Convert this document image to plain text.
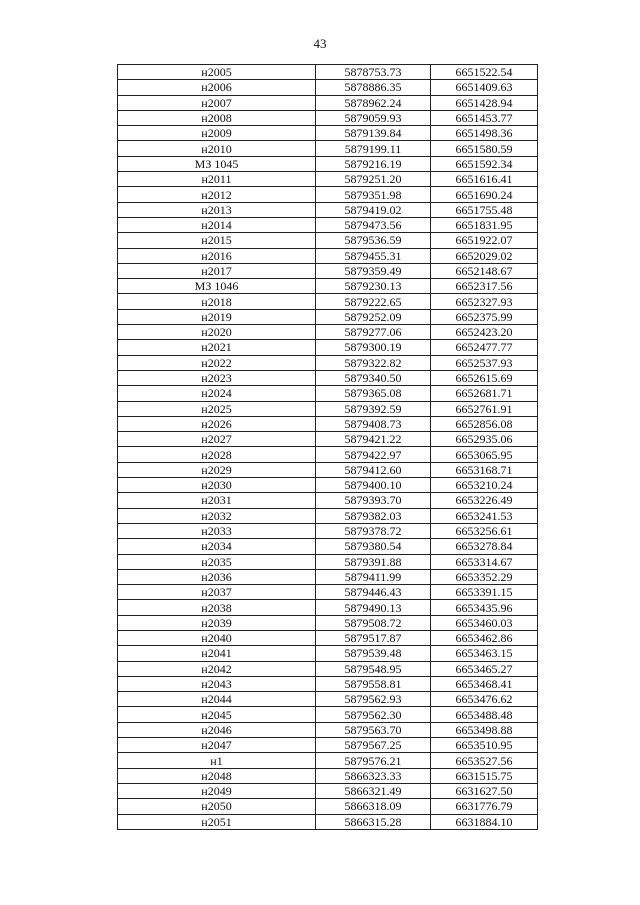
43
н2005	5878753.73	6651522.54
н2006	5878886.35	6651409.63
н2007	5878962.24	6651428.94
н2008	5879059.93	6651453.77
н2009	5879139.84	6651498.36
н2010	5879199.11	6651580.59
МЗ 1045	5879216.19	6651592.34
н2011	5879251.20	6651616.41
н2012	5879351.98	6651690.24
н2013	5879419.02	6651755.48
н2014	5879473.56	6651831.95
н2015	5879536.59	6651922.07
н2016	5879455.31	6652029.02
н2017	5879359.49	6652148.67
МЗ 1046	5879230.13	6652317.56
н2018	5879222.65	6652327.93
н2019	5879252.09	6652375.99
н2020	5879277.06	6652423.20
н2021	5879300.19	6652477.77
н2022	5879322.82	6652537.93
н2023	5879340.50	6652615.69
н2024	5879365.08	6652681.71
н2025	5879392.59	6652761.91
н2026	5879408.73	6652856.08
н2027	5879421.22	6652935.06
н2028	5879422.97	6653065.95
н2029	5879412.60	6653168.71
н2030	5879400.10	6653210.24
н2031	5879393.70	6653226.49
н2032	5879382.03	6653241.53
н2033	5879378.72	6653256.61
н2034	5879380.54	6653278.84
н2035	5879391.88	6653314.67
н2036	5879411.99	6653352.29
н2037	5879446.43	6653391.15
н2038	5879490.13	6653435.96
н2039	5879508.72	6653460.03
н2040	5879517.87	6653462.86
н2041	5879539.48	6653463.15
н2042	5879548.95	6653465.27
н2043	5879558.81	6653468.41
н2044	5879562.93	6653476.62
н2045	5879562.30	6653488.48
н2046	5879563.70	6653498.88
н2047	5879567.25	6653510.95
н1	5879576.21	6653527.56
н2048	5866323.33	6631515.75
н2049	5866321.49	6631627.50
н2050	5866318.09	6631776.79
н2051	5866315.28	6631884.10
